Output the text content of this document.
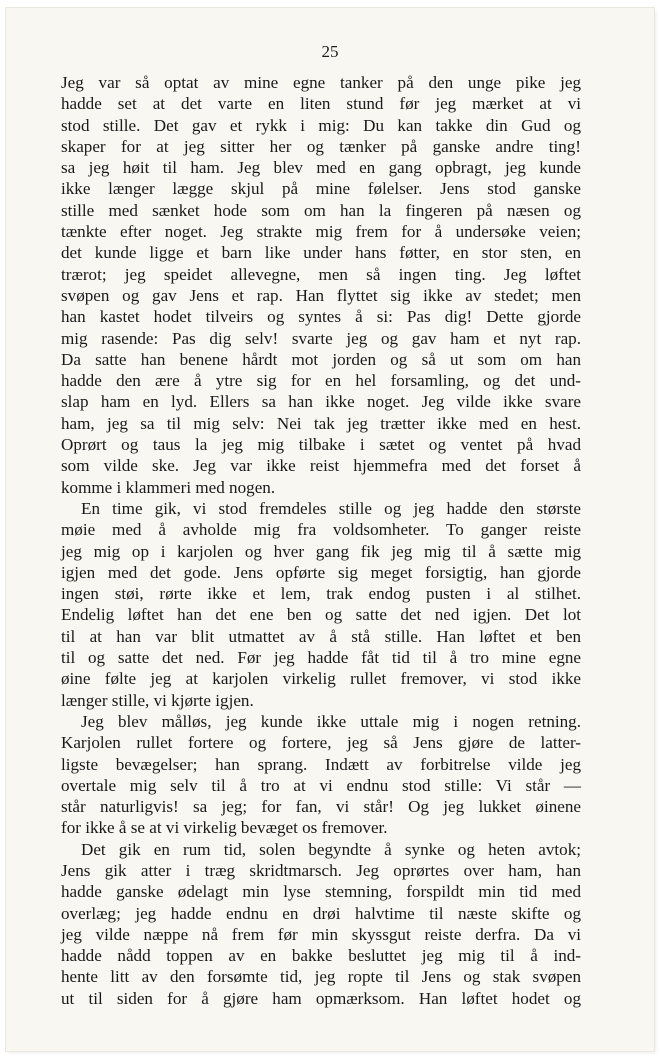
25

Jeg var så optat av mine egne tanker på den unge pike jeg
hadde set at det varte en liten stund før jeg mærket at vi
stod stille. Det gav et rykk i mig: Du kan takke din Gud og
skaper for at jeg sitter her og tænker på ganske andre ting!
sa jeg høit til ham. Jeg blev med en gang opbragt, jeg kunde
ikke længer lægge skjul på mine følelser. Jens stod ganske
stille med sænket hode som om han la fingeren på næsen og
tænkte efter noget. Jeg strakte mig frem for å undersøke veien;
det kunde ligge et barn like under hans føtter, en stor sten, en
trærot; jeg speidet allevegne, men så ingen ting. Jeg løftet
svøpen og gav Jens et rap. Han flyttet sig ikke av stedet; men
han kastet hodet tilveirs og syntes å si: Pas dig! Dette gjorde
mig rasende: Pas dig selv! svarte jeg og gav ham et nyt rap.
Da satte han benene hårdt mot jorden og så ut som om han
hadde den ære å ytre sig for en hel forsamling, og det und-
slap ham en lyd. Ellers sa han ikke noget. Jeg vilde ikke svare
ham, jeg sa til mig selv: Nei tak jeg trætter ikke med en hest.
Oprørt og taus la jeg mig tilbake i sætet og ventet på hvad
som vilde ske. Jeg var ikke reist hjemmefra med det forset å
komme i klammeri med nogen.

En time gik, vi stod fremdeles stille og jeg hadde den største
møie med å avholde mig fra voldsomheter. To ganger reiste
jeg mig op i karjolen og hver gang fik jeg mig til å sætte mig
igjen med det gode. Jens opførte sig meget forsigtig, han gjorde
ingen støi, rørte ikke et lem, trak endog pusten i al stilhet.
Endelig løftet han det ene ben og satte det ned igjen. Det lot
til at han var blit utmattet av å stå stille. Han løftet et ben
til og satte det ned. Før jeg hadde fåt tid til å tro mine egne
øine følte jeg at karjolen virkelig rullet fremover, vi stod ikke
længer stille, vi kjørte igjen.

Jeg blev målløs, jeg kunde ikke uttale mig i nogen retning.
Karjolen rullet fortere og fortere, jeg så Jens gjøre de latter-
ligste bevægelser; han sprang. Indætt av forbitrelse vilde jeg
overtale mig selv til å tro at vi endnu stod stille: Vi står —
står naturligvis! sa jeg; for fan, vi står! Og jeg lukket øinene
for ikke å se at vi virkelig bevæget os fremover.

Det gik en rum tid, solen begyndte å synke og heten avtok;
Jens gik atter i træg skridtmarsch. Jeg oprørtes over ham, han
hadde ganske ødelagt min lyse stemning, forspildt min tid med
overlæg; jeg hadde endnu en drøi halvtime til næste skifte og
jeg vilde næppe nå frem før min skyssgut reiste derfra. Da vi
hadde nådd toppen av en bakke besluttet jeg mig til å ind-
hente litt av den forsømte tid, jeg ropte til Jens og stak svøpen
ut til siden for å gjøre ham opmærksom. Han løftet hodet og
